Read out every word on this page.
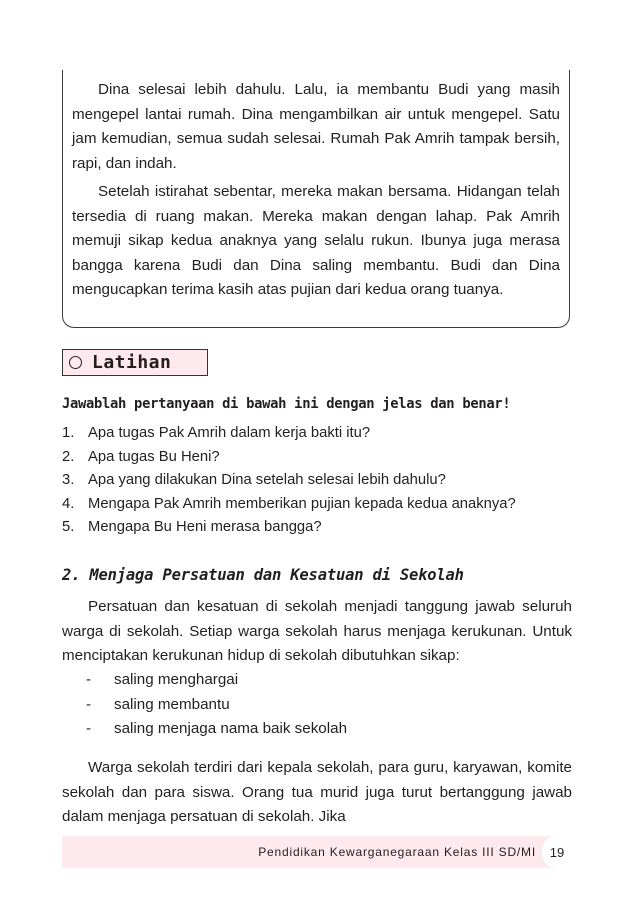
Dina selesai lebih dahulu. Lalu, ia membantu Budi yang masih mengepel lantai rumah. Dina mengambilkan air untuk mengepel. Satu jam kemudian, semua sudah selesai. Rumah Pak Amrih tampak bersih, rapi, dan indah.

Setelah istirahat sebentar, mereka makan bersama. Hidangan telah tersedia di ruang makan. Mereka makan dengan lahap. Pak Amrih memuji sikap kedua anaknya yang selalu rukun. Ibunya juga merasa bangga karena Budi dan Dina saling membantu. Budi dan Dina mengucapkan terima kasih atas pujian dari kedua orang tuanya.

Latihan

Jawablah pertanyaan di bawah ini dengan jelas dan benar!

1. Apa tugas Pak Amrih dalam kerja bakti itu?
2. Apa tugas Bu Heni?
3. Apa yang dilakukan Dina setelah selesai lebih dahulu?
4. Mengapa Pak Amrih memberikan pujian kepada kedua anaknya?
5. Mengapa Bu Heni merasa bangga?
2. Menjaga Persatuan dan Kesatuan di Sekolah

Persatuan dan kesatuan di sekolah menjadi tanggung jawab seluruh warga di sekolah. Setiap warga sekolah harus menjaga kerukunan. Untuk menciptakan kerukunan hidup di sekolah dibutuhkan sikap:

- saling menghargai
- saling membantu
- saling menjaga nama baik sekolah

Warga sekolah terdiri dari kepala sekolah, para guru, karyawan, komite sekolah dan para siswa. Orang tua murid juga turut bertanggung jawab dalam menjaga persatuan di sekolah. Jika

Pendidikan Kewarganegaraan Kelas III SD/MI	19
